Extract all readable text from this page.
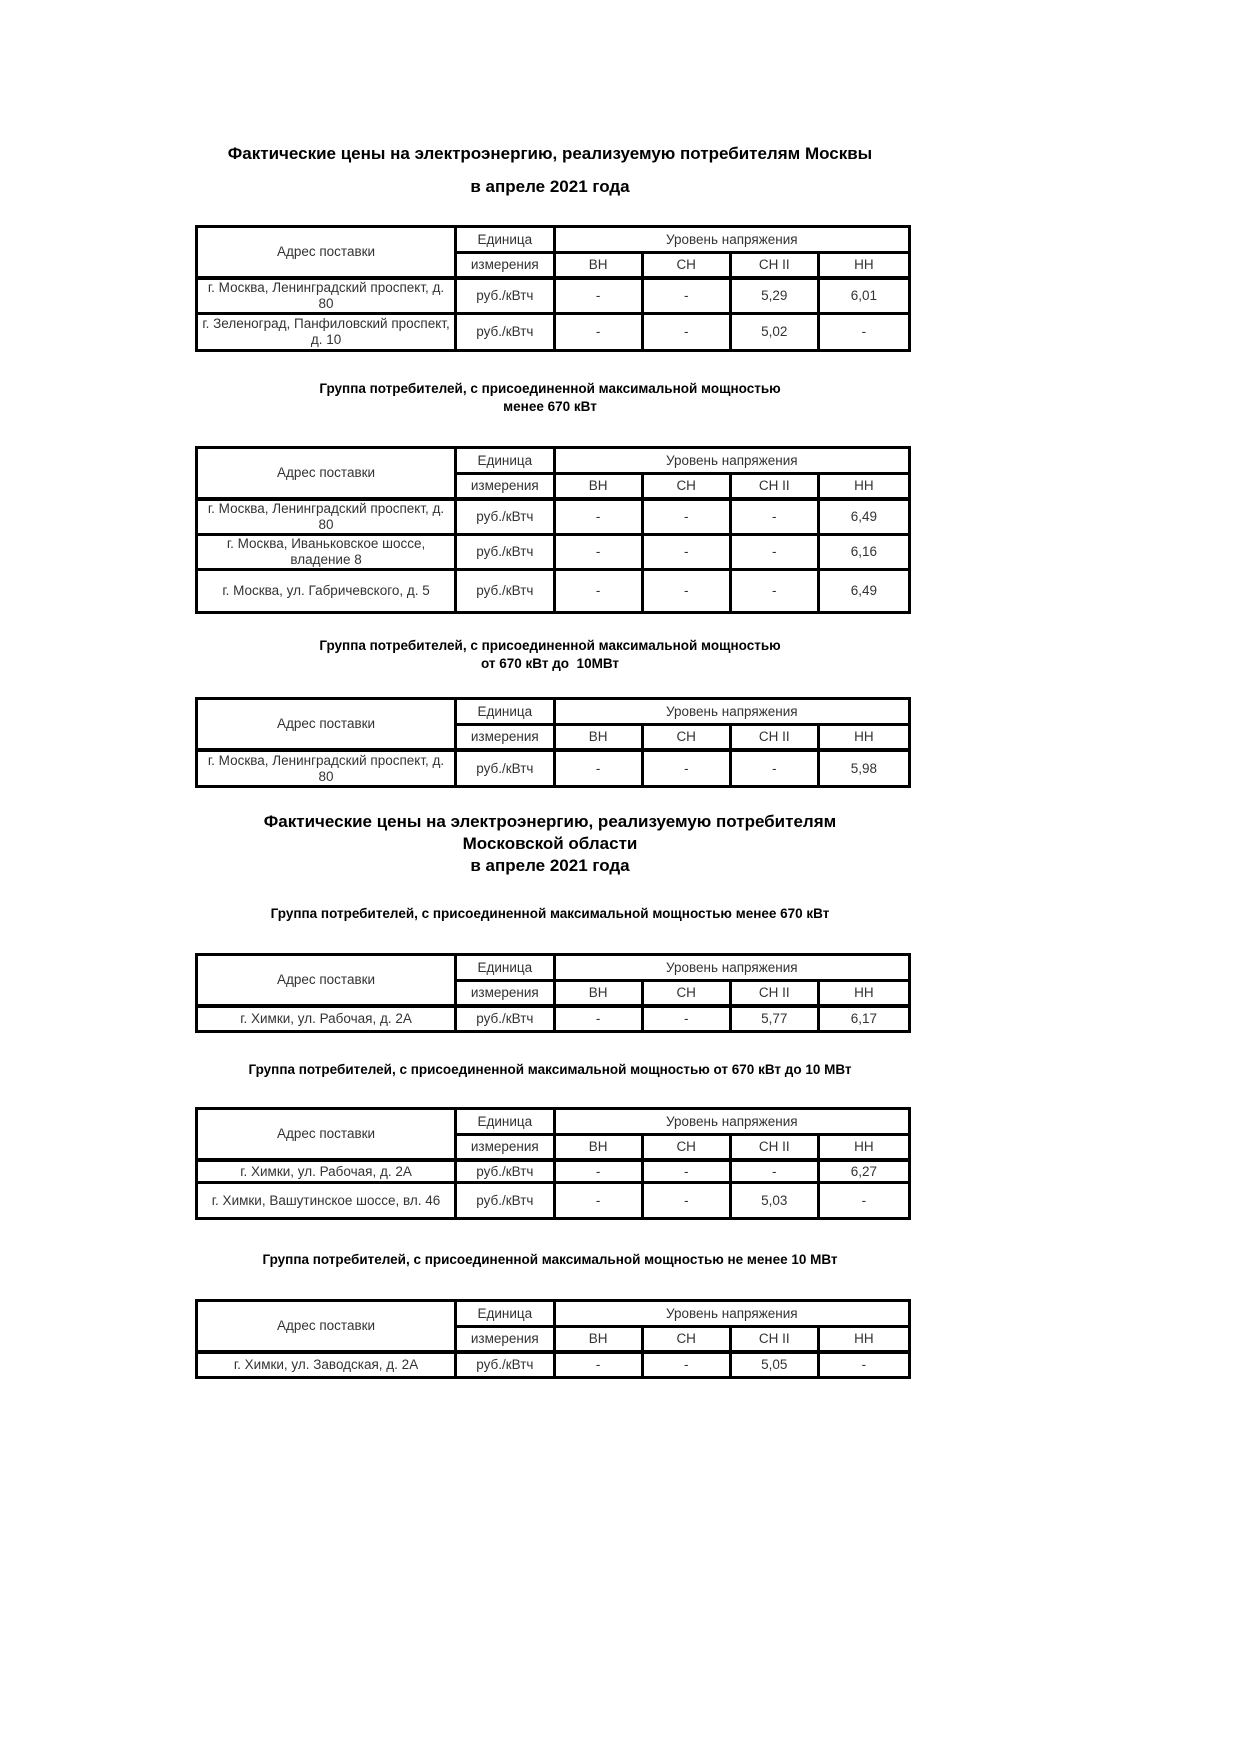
Фактические цены на электроэнергию, реализуемую потребителям Москвы
в апреле 2021 года
Адрес поставки	Единица	Уровень напряжения			
	измерения	ВН	СН	СН II	НН
г. Москва, Ленинградский проспект, д. 80	руб./кВтч	-	-	5,29	6,01
г. Зеленоград, Панфиловский проспект, д. 10	руб./кВтч	-	-	5,02	-
Группа потребителей, с присоединенной максимальной мощностью
менее 670 кВт
Адрес поставки	Единица	Уровень напряжения			
	измерения	ВН	СН	СН II	НН
г. Москва, Ленинградский проспект, д. 80	руб./кВтч	-	-	-	6,49
г. Москва, Иваньковское шоссе, владение 8	руб./кВтч	-	-	-	6,16
г. Москва, ул. Габричевского, д. 5	руб./кВтч	-	-	-	6,49
Группа потребителей, с присоединенной максимальной мощностью
от 670 кВт до  10МВт
Адрес поставки	Единица	Уровень напряжения			
	измерения	ВН	СН	СН II	НН
г. Москва, Ленинградский проспект, д. 80	руб./кВтч	-	-	-	5,98
Фактические цены на электроэнергию, реализуемую потребителям
Московской области
в апреле 2021 года
Группа потребителей, с присоединенной максимальной мощностью менее 670 кВт
Адрес поставки	Единица	Уровень напряжения			
	измерения	ВН	СН	СН II	НН
г. Химки, ул. Рабочая, д. 2А	руб./кВтч	-	-	5,77	6,17
Группа потребителей, с присоединенной максимальной мощностью от 670 кВт до 10 МВт
Адрес поставки	Единица	Уровень напряжения			
	измерения	ВН	СН	СН II	НН
г. Химки, ул. Рабочая, д. 2А	руб./кВтч	-	-	-	6,27
г. Химки, Вашутинское шоссе, вл. 46	руб./кВтч	-	-	5,03	-
Группа потребителей, с присоединенной максимальной мощностью не менее 10 МВт
Адрес поставки	Единица	Уровень напряжения			
	измерения	ВН	СН	СН II	НН
г. Химки, ул. Заводская, д. 2А	руб./кВтч	-	-	5,05	-
